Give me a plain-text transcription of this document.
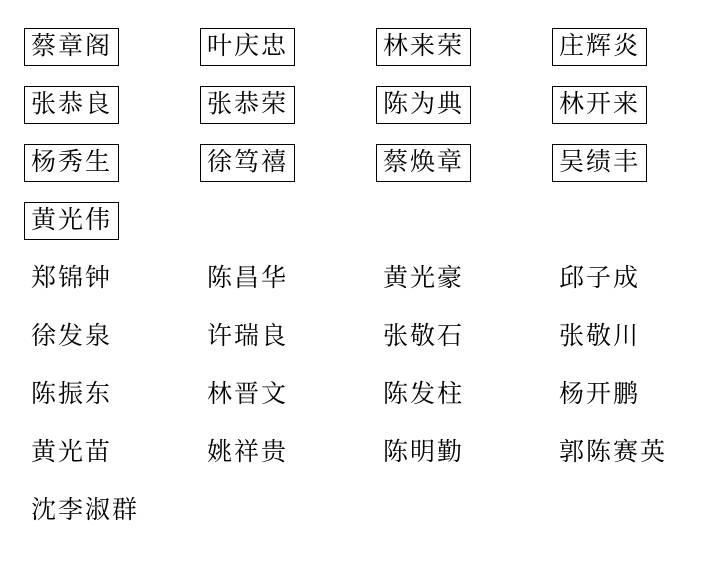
蔡章阁	叶庆忠	林来荣	庄辉炎
张恭良	张恭荣	陈为典	林开来
杨秀生	徐笃禧	蔡焕章	吴绩丰
黄光伟
郑锦钟	陈昌华	黄光豪	邱子成
徐发泉	许瑞良	张敬石	张敬川
陈振东	林晋文	陈发柱	杨开鹏
黄光苗	姚祥贵	陈明勤	郭陈赛英
沈李淑群
